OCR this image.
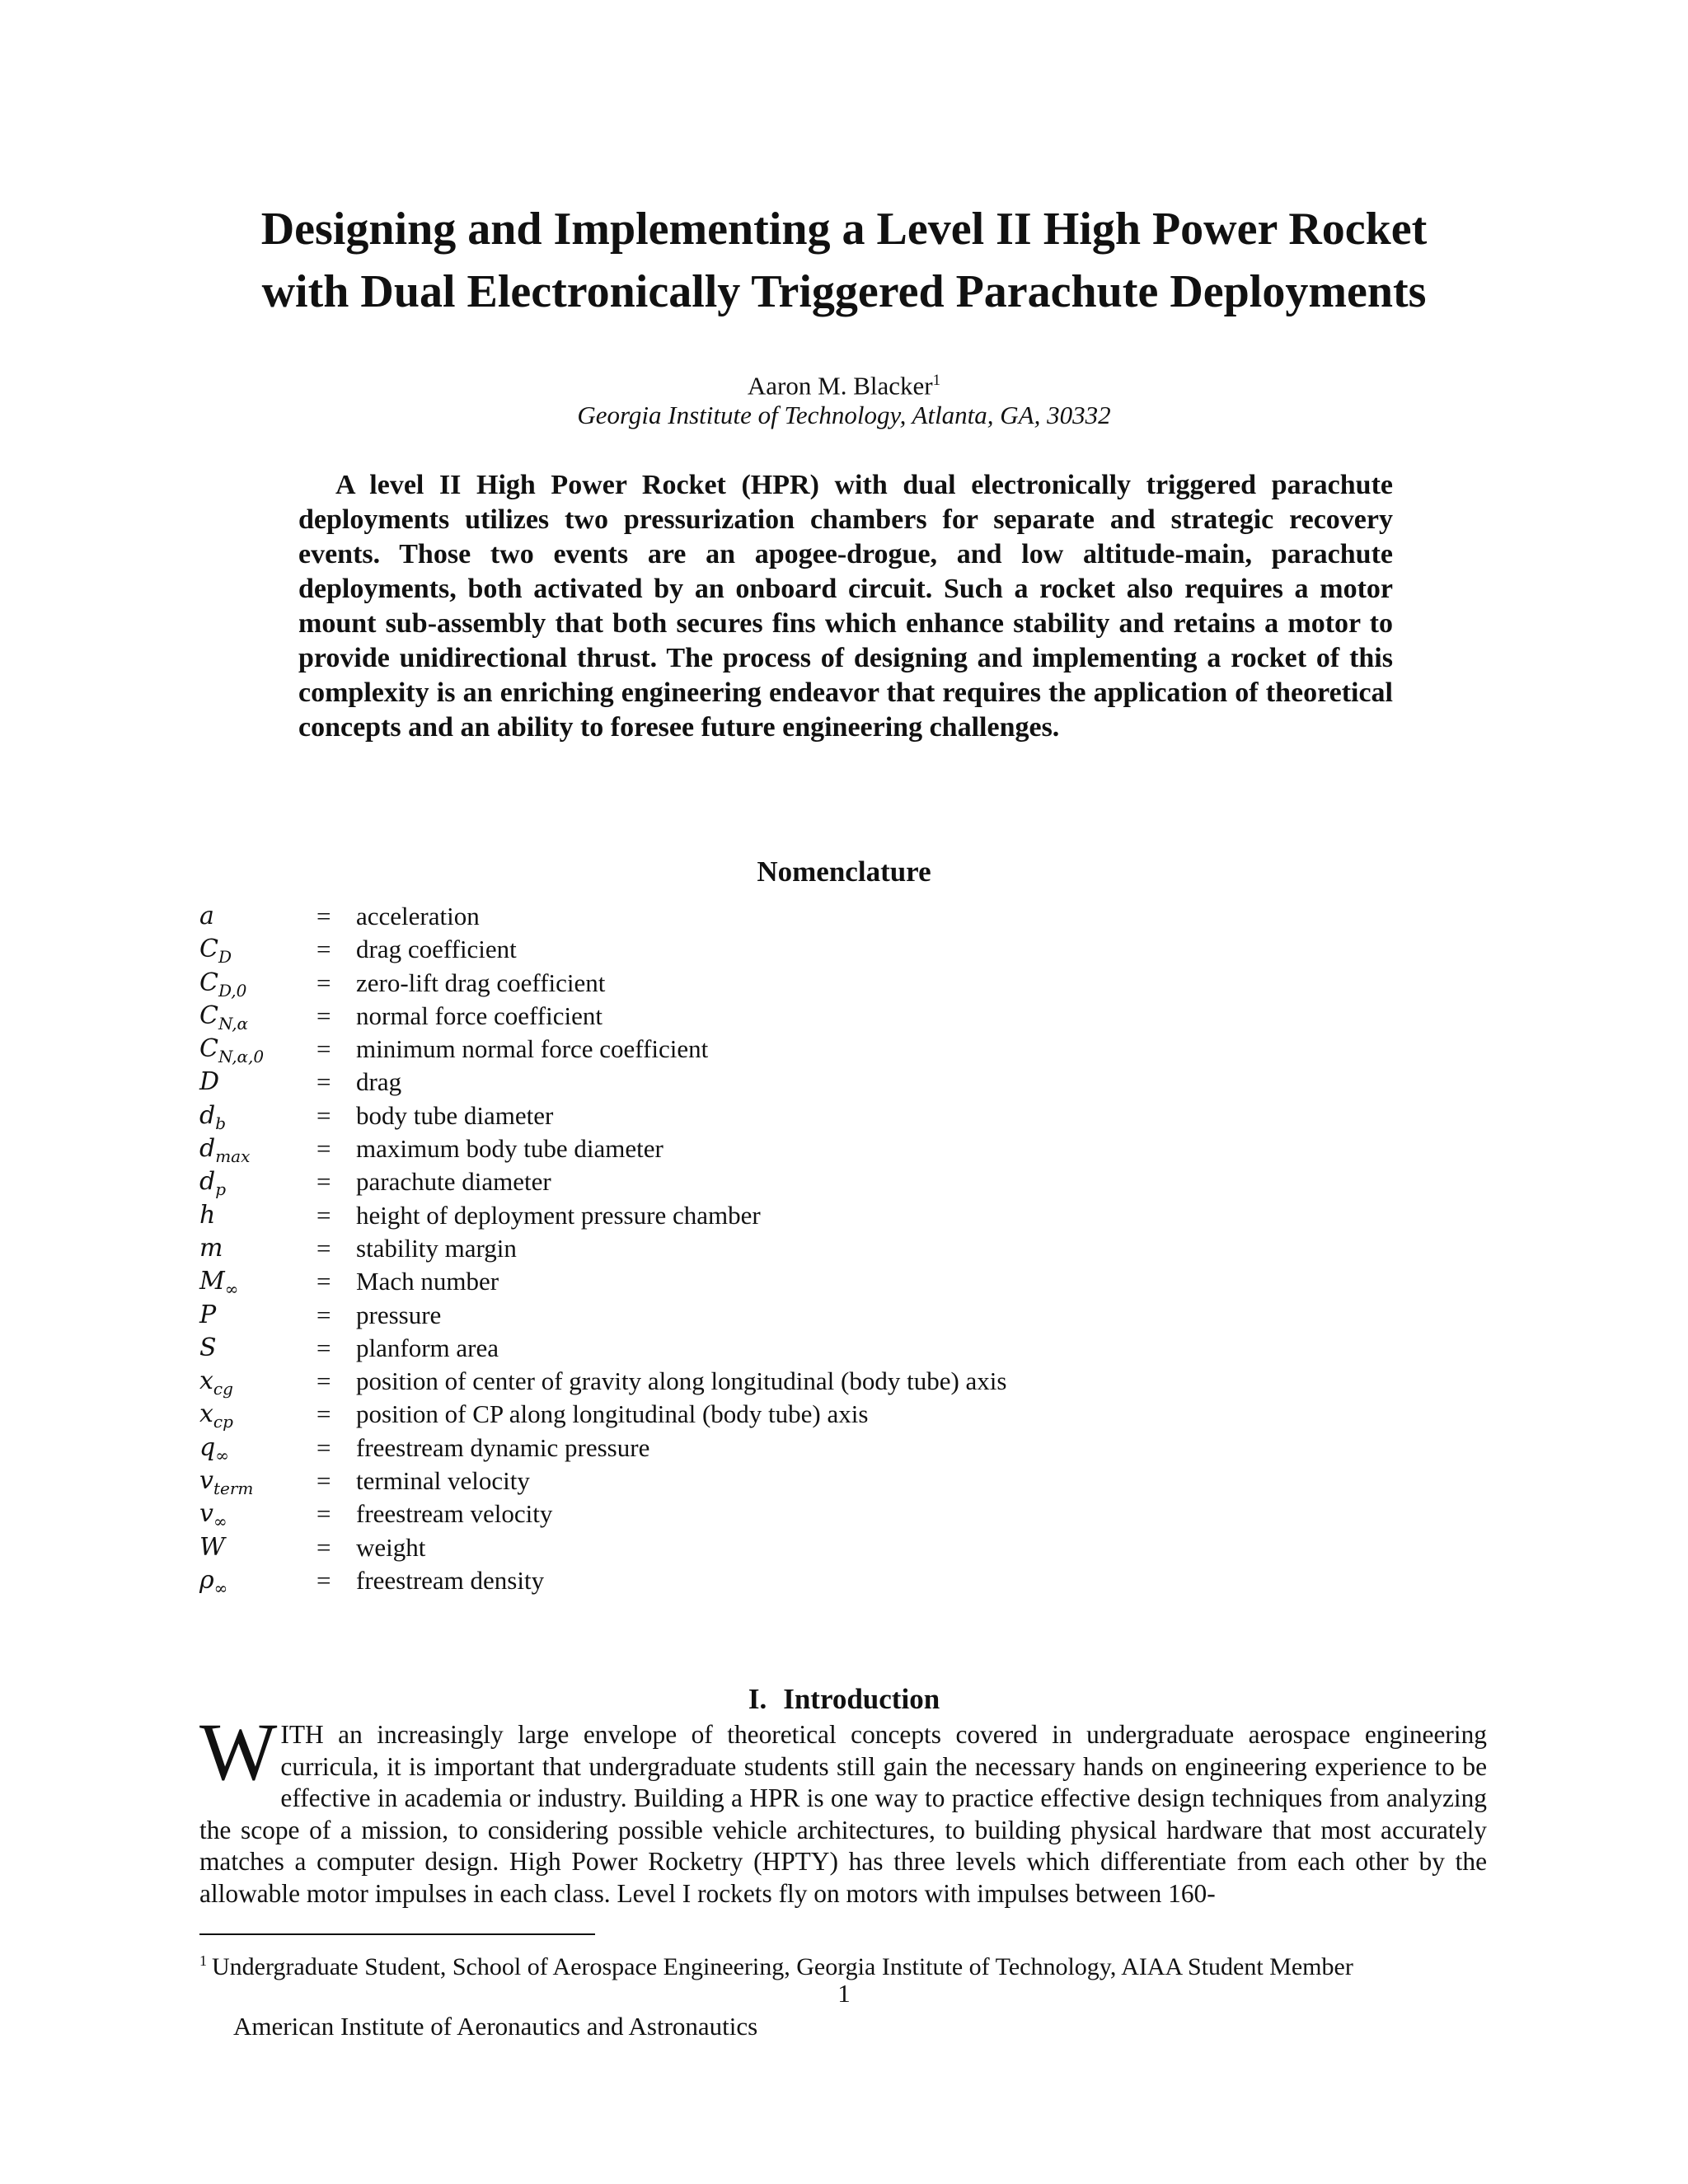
Designing and Implementing a Level II High Power Rocket
with Dual Electronically Triggered Parachute Deployments
Aaron M. Blacker$^1$
Georgia Institute of Technology, Atlanta, GA, 30332

A level II High Power Rocket (HPR) with dual electronically triggered parachute deployments utilizes two pressurization chambers for separate and strategic recovery events. Those two events are an apogee-drogue, and low altitude-main, parachute deployments, both activated by an onboard circuit. Such a rocket also requires a motor mount sub-assembly that both secures fins which enhance stability and retains a motor to provide unidirectional thrust. The process of designing and implementing a rocket of this complexity is an enriching engineering endeavor that requires the application of theoretical concepts and an ability to foresee future engineering challenges.

Nomenclature
a	= acceleration
$C_D$	= drag coefficient
$C_{D,0}$	= zero-lift drag coefficient
$C_{N,\alpha}$	= normal force coefficient
$C_{N,\alpha,0}$ = minimum normal force coefficient
D	= drag
$d_b$	= body tube diameter
$d_{max}$	= maximum body tube diameter
$d_p$	= parachute diameter
h	= height of deployment pressure chamber
m	= stability margin
$M_\infty$	= Mach number
P	= pressure
S	= planform area
$x_{cg}$	= position of center of gravity along longitudinal (body tube) axis
$x_{cp}$	= position of CP along longitudinal (body tube) axis
$q_\infty$	= freestream dynamic pressure
$v_{term}$ = terminal velocity
$v_\infty$	= freestream velocity
W	= weight
$\rho_\infty$	= freestream density
I. Introduction

WITH an increasingly large envelope of theoretical concepts covered in undergraduate aerospace engineering curricula, it is important that undergraduate students still gain the necessary hands on engineering experience to be effective in academia or industry. Building a HPR is one way to practice effective design techniques from analyzing the scope of a mission, to considering possible vehicle architectures, to building physical hardware that most accurately matches a computer design. High Power Rocketry (HPTY) has three levels which differentiate from each other by the allowable motor impulses in each class. Level I rockets fly on motors with impulses between 160-

$^1$ Undergraduate Student, School of Aerospace Engineering, Georgia Institute of Technology, AIAA Student Member
1
American Institute of Aeronautics and Astronautics
